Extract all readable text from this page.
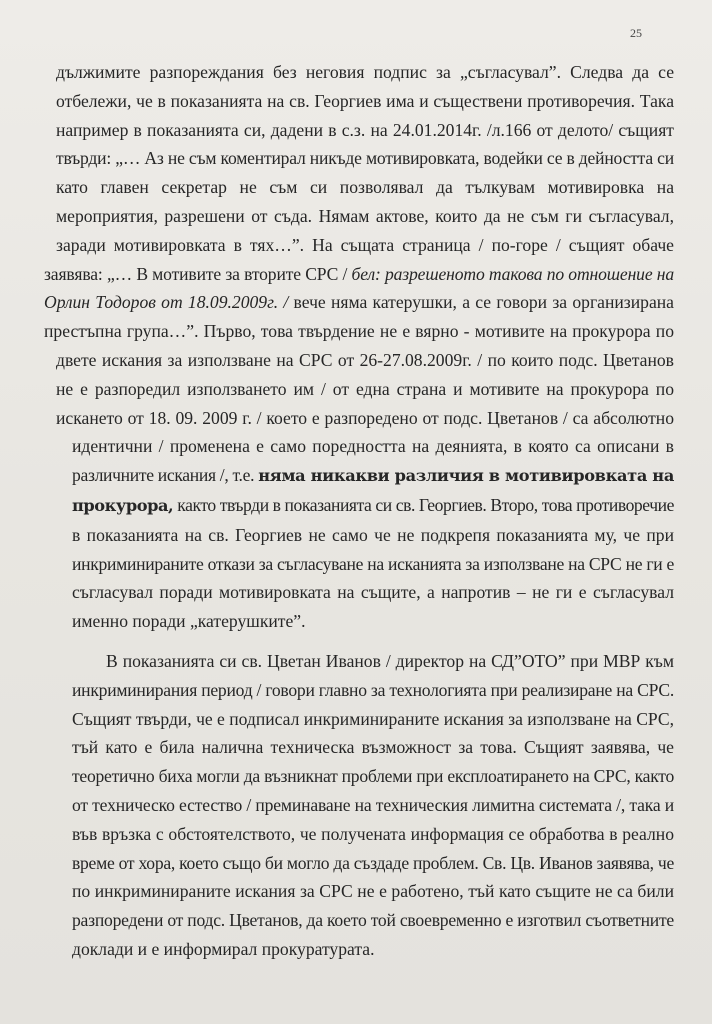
25

дължимите разпореждания без неговия подпис за „съгласувал”. Следва да се
отбележи, че в показанията на св. Георгиев има и съществени противоречия. Така
например в показанията си, дадени в с.з. на 24.01.2014г. /л.166 от делото/ същият
твърди: „… Аз не съм коментирал никъде мотивировката, водейки се в дейността си
като главен секретар не съм си позволявал да тълкувам мотивировка на
мероприятия, разрешени от съда. Нямам актове, които да не съм ги съгласувал,
заради мотивировката в тях…”. На същата страница / по-горе / същият обаче
заявява: „… В мотивите за вторите СРС / бел: разрешеното такова по отношение на
Орлин Тодоров от 18.09.2009г. / вече няма катерушки, а се говори за организирана
престъпна група…”. Първо, това твърдение не е вярно - мотивите на прокурора по
двете искания за използване на СРС от 26-27.08.2009г. / по които подс. Цветанов
не е разпоредил използването им / от една страна и мотивите на прокурора по
искането от 18. 09. 2009 г. / което е разпоредено от подс. Цветанов / са абсолютно
идентични / променена е само поредността на деянията, в която са описани в
различните искания /, т.е. няма никакви различия в мотивировката на
прокурора, както твърди в показанията си св. Георгиев. Второ, това противоречие
в показанията на св. Георгиев не само че не подкрепя показанията му, че при
инкриминираните откази за съгласуване на исканията за използване на СРС не ги е
съгласувал поради мотивировката на същите, а напротив – не ги е съгласувал
именно поради „катерушките”.

В показанията си св. Цветан Иванов / директор на СД”ОТО” при МВР към
инкриминирания период / говори главно за технологията при реализиране на СРС.
Същият твърди, че е подписал инкриминираните искания за използване на СРС,
тъй като е била налична техническа възможност за това. Същият заявява, че
теоретично биха могли да възникнат проблеми при експлоатирането на СРС, както
от техническо естество / преминаване на техническия лимитна системата /, така и
във връзка с обстоятелството, че получената информация се обработва в реално
време от хора, което също би могло да създаде проблем. Св. Цв. Иванов заявява, че
по инкриминираните искания за СРС не е работено, тъй като същите не са били
разпоредени от подс. Цветанов, да което той своевременно е изготвил съответните
доклади и е информирал прокуратурата.
